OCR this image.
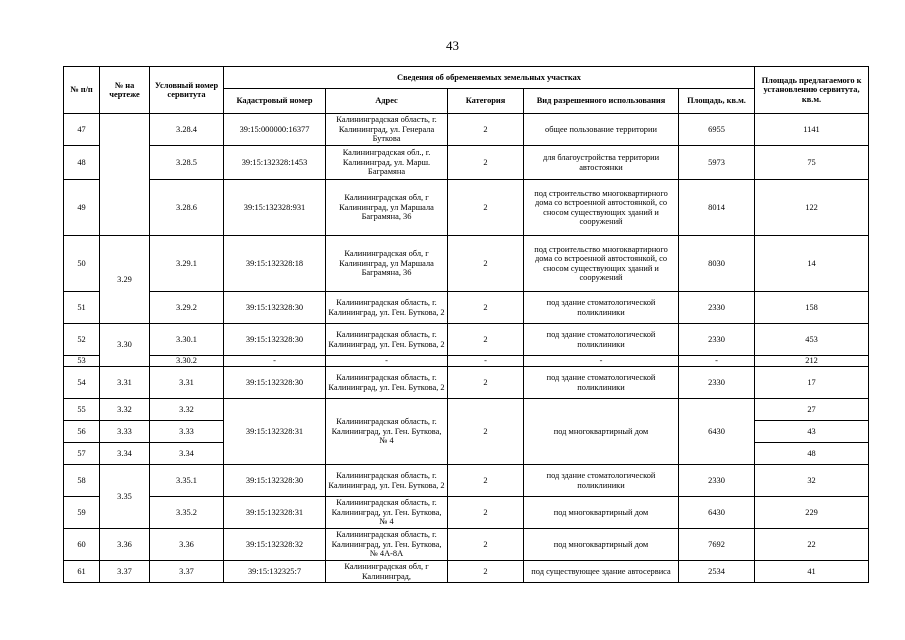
43
№ п/п	№ на чертеже	Условный номер сервитута	Сведения об обременяемых земельных участках					Площадь предлагаемого к установлению сервитута, кв.м.
			Кадастровый номер	Адрес	Категория	Вид разрешенного использования	Площадь, кв.м.	
47		3.28.4	39:15:000000:16377	Калининградская область, г. Калининград, ул. Генерала Буткова	2	общее пользование территории	6955	1141
48		3.28.5	39:15:132328:1453	Калининградская обл., г. Калининград, ул. Марш. Баграмяна	2	для благоустройства территории автостоянки	5973	75
49		3.28.6	39:15:132328:931	Калининградская обл, г Калининград, ул Маршала Баграмяна, 36	2	под строительство многоквартирного дома со встроенной автостоянкой, со сносом существующих зданий и сооружений	8014	122
50	3.29	3.29.1	39:15:132328:18	Калининградская обл, г Калининград, ул Маршала Баграмяна, 36	2	под строительство многоквартирного дома со встроенной автостоянкой, со сносом существующих зданий и сооружений	8030	14
51		3.29.2	39:15:132328:30	Калининградская область, г. Калининград, ул. Ген. Буткова, 2	2	под здание стоматологической поликлиники	2330	158
52	3.30	3.30.1	39:15:132328:30	Калининградская область, г. Калининград, ул. Ген. Буткова, 2	2	под здание стоматологической поликлиники	2330	453
53		3.30.2	-	-	-	-	-	212
54	3.31	3.31	39:15:132328:30	Калининградская область, г. Калининград, ул. Ген. Буткова, 2	2	под здание стоматологической поликлиники	2330	17
55	3.32	3.32	39:15:132328:31	Калининградская область, г. Калининград, ул. Ген. Буткова, № 4	2	под многоквартирный дом	6430	27
56	3.33	3.33						43
57	3.34	3.34						48
58	3.35	3.35.1	39:15:132328:30	Калининградская область, г. Калининград, ул. Ген. Буткова, 2	2	под здание стоматологической поликлиники	2330	32
59		3.35.2	39:15:132328:31	Калининградская область, г. Калининград, ул. Ген. Буткова, № 4	2	под многоквартирный дом	6430	229
60	3.36	3.36	39:15:132328:32	Калининградская область, г. Калининград, ул. Ген. Буткова, № 4А-8А	2	под многоквартирный дом	7692	22
61	3.37	3.37	39:15:132325:7	Калининградская обл, г Калининград,	2	под существующее здание автосервиса	2534	41
